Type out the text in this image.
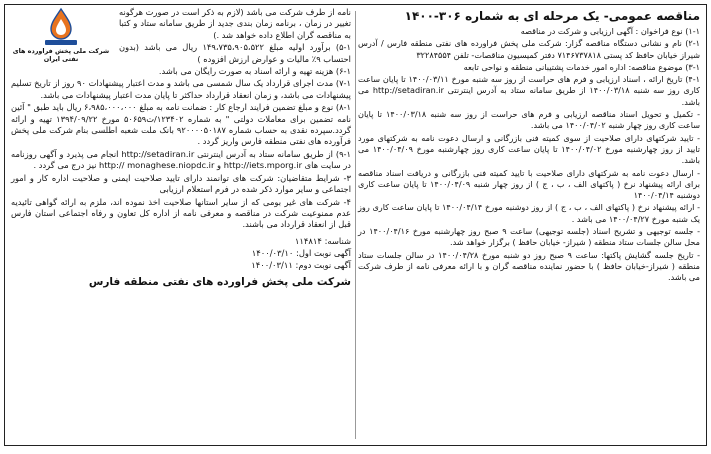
مناقصه عمومی- یک مرحله ای به شماره ۳۰۶-۱۴۰۰
۱-۱) نوع فراخوان : آگهی ارزیابی و شرکت در مناقصه
۲-۱) نام و نشانی دستگاه مناقصه گزار: شرکت ملی پخش فراورده های نفتی منطقه فارس / آدرس شیراز خیابان حافظ کد پستی ۷۱۴۶۷۳۷۸۱۸ دفتر کمیسیون مناقصات- تلفن ۳۲۲۸۴۵۵۴
۳-۱) موضوع مناقصه: اداره امور خدمات پشتیبانی منطقه و نواحی تابعه
۴-۱) تاریخ ارائه ، اسناد ارزیابی و فرم های حراست از روز سه شنبه مورخ ۱۴۰۰/۰۳/۱۱ تا پایان ساعت کاری روز سه شنبه ۱۴۰۰/۰۳/۱۸ از طریق سامانه ستاد به آدرس اینترنتی http://setadiran.ir می باشد.
- تکمیل و تحویل اسناد مناقصه ارزیابی و فرم های حراست از روز سه شنبه ۱۴۰۰/۰۳/۱۸ تا پایان ساعت کاری روز چهار شنبه ۱۴۰۰/۰۴/۰۲ می باشد.
- تایید شرکتهای دارای صلاحیت از سوی کمیته فنی بازرگانی و ارسال دعوت نامه به شرکتهای مورد تایید از روز چهارشنبه مورخ ۱۴۰۰/۰۴/۰۲ تا پایان ساعت کاری روز چهارشنبه مورخ ۱۴۰۰/۰۴/۰۹ می باشد.
- ارسال دعوت نامه به شرکتهای دارای صلاحیت با تایید کمیته فنی بازرگانی و دریافت اسناد مناقصه برای ارائه پیشنهاد نرخ ( پاکتهای الف ، ب ، ج ) از روز چهار شنبه ۱۴۰۰/۰۴/۰۹ تا پایان ساعت کاری دوشنبه ۱۴۰۰/۰۴/۱۴
- ارائه پیشنهاد نرخ ( پاکتهای الف ، ب ، ج ) از روز دوشنبه مورخ ۱۴۰۰/۰۴/۱۴ تا پایان ساعت کاری روز یک شنبه مورخ ۱۴۰۰/۰۴/۲۷ می باشد .
- جلسه توجیهی و تشریح اسناد (جلسه توجیهی) ساعت ۹ صبح روز چهارشنبه مورخ ۱۴۰۰/۰۴/۱۶ در محل سالن جلسات ستاد منطقه ( شیراز- خیابان حافظ ) برگزار خواهد شد.
- تاریخ جلسه گشایش پاکتها: ساعت ۹ صبح روز دو شنبه مورخ ۱۴۰۰/۰۴/۲۸ در سالن جلسات ستاد منطقه ( شیراز-خیابان حافظ ) با حضور نماینده مناقصه گران و با ارائه معرفی نامه از طرف شرکت می باشد.
شرکت ملی پخش فراورده های نفتی ایران
نامه از طرف شرکت می باشد (لازم به ذکر است در صورت هرگونه تغییر در زمان ، برنامه زمان بندی جدید از طریق سامانه ستاد و کتبا به مناقصه گران اطلاع داده خواهد شد .)
۵-۱) برآورد اولیه مبلغ ۱۴۹،۷۳۵،۹۰۵،۵۲۲ ریال می باشد (بدون احتساب ۹٪ مالیات و عوارض ارزش افزوده )
۶-۱) هزینه تهیه و ارائه اسناد به صورت رایگان می باشد.
۷-۱) مدت اجرای قرارداد یک سال شمسی می باشد و مدت اعتبار پیشنهادات ۹۰ روز از تاریخ تسلیم پیشنهادات می باشد، و زمان انعقاد قرارداد حداکثر تا پایان مدت اعتبار پیشنهادات می باشد.
۸-۱) نوع و مبلغ تضمین فرایند ارجاع کار : ضمانت نامه به مبلغ ۶،۹۸۵،۰۰۰،۰۰۰ ریال باید طبق " آئین نامه تضمین برای معاملات دولتی " به شماره ۱۲۳۴۰۲/ت۵۰۶۵۹ مورخ ۱۳۹۴/۰۹/۲۲ تهیه و ارائه گردد.سپرده نقدی به حساب شماره ۹۲۰۰۰۰۵۰۱۸۷ بانک ملت شعبه اطلسی بنام شرکت ملی پخش فرآورده های نفتی منطقه فارس واریز گردد .
۹-۱) از طریق سامانه ستاد به آدرس اینترنتی http://setadiran.ir انجام می پذیرد و آگهی روزنامه در سایت های http://iets.mporg.ir و http:// monaghese.niopdc.ir نیز درج می گردد .
۳- شرایط متقاضیان: شرکت های توانمند دارای تایید صلاحیت ایمنی و صلاحیت اداره کار و امور اجتماعی و سایر موارد ذکر شده در فرم استعلام ارزیابی
۴- شرکت های غیر بومی که از سایر استانها صلاحیت اخذ نموده اند، ملزم به ارائه گواهی تائیدیه عدم ممنوعیت شرکت در مناقصه و معرفی نامه از اداره کل تعاون و رفاه اجتماعی استان فارس قبل از انعقاد قرارداد می باشند.
شناسه: ۱۱۴۸۱۴
آگهی نوبت اول: ۱۴۰۰/۰۳/۱۰
آگهی نوبت دوم: ۱۴۰۰/۰۳/۱۱
شرکت ملی پخش فراورده های نفتی منطقه فارس
